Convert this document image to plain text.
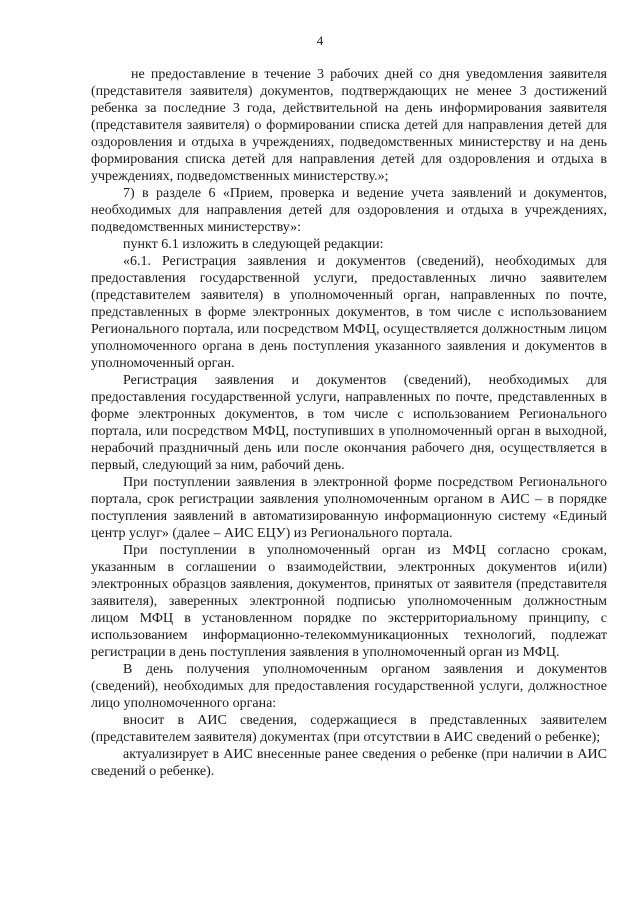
4

не предоставление в течение 3 рабочих дней со дня уведомления заявителя (представителя заявителя) документов, подтверждающих не менее 3 достижений ребенка за последние 3 года, действительной на день информирования заявителя (представителя заявителя) о формировании списка детей для направления детей для оздоровления и отдыха в учреждениях, подведомственных министерству и на день формирования списка детей для направления детей для оздоровления и отдыха в учреждениях, подведомственных министерству.»;

7) в разделе 6 «Прием, проверка и ведение учета заявлений и документов, необходимых для направления детей для оздоровления и отдыха в учреждениях, подведомственных министерству»:

пункт 6.1 изложить в следующей редакции:

«6.1. Регистрация заявления и документов (сведений), необходимых для предоставления государственной услуги, предоставленных лично заявителем (представителем заявителя) в уполномоченный орган, направленных по почте, представленных в форме электронных документов, в том числе с использованием Регионального портала, или посредством МФЦ, осуществляется должностным лицом уполномоченного органа в день поступления указанного заявления и документов в уполномоченный орган.

Регистрация заявления и документов (сведений), необходимых для предоставления государственной услуги, направленных по почте, представленных в форме электронных документов, в том числе с использованием Регионального портала, или посредством МФЦ, поступивших в уполномоченный орган в выходной, нерабочий праздничный день или после окончания рабочего дня, осуществляется в первый, следующий за ним, рабочий день.

При поступлении заявления в электронной форме посредством Регионального портала, срок регистрации заявления уполномоченным органом в АИС – в порядке поступления заявлений в автоматизированную информационную систему «Единый центр услуг» (далее – АИС ЕЦУ) из Регионального портала.

При поступлении в уполномоченный орган из МФЦ согласно срокам, указанным в соглашении о взаимодействии, электронных документов и(или) электронных образцов заявления, документов, принятых от заявителя (представителя заявителя), заверенных электронной подписью уполномоченным должностным лицом МФЦ в установленном порядке по экстерриториальному принципу, с использованием информационно-телекоммуникационных технологий, подлежат регистрации в день поступления заявления в уполномоченный орган из МФЦ.

В день получения уполномоченным органом заявления и документов (сведений), необходимых для предоставления государственной услуги, должностное лицо уполномоченного органа:

вносит в АИС сведения, содержащиеся в представленных заявителем (представителем заявителя) документах (при отсутствии в АИС сведений о ребенке);

актуализирует в АИС внесенные ранее сведения о ребенке (при наличии в АИС сведений о ребенке).
